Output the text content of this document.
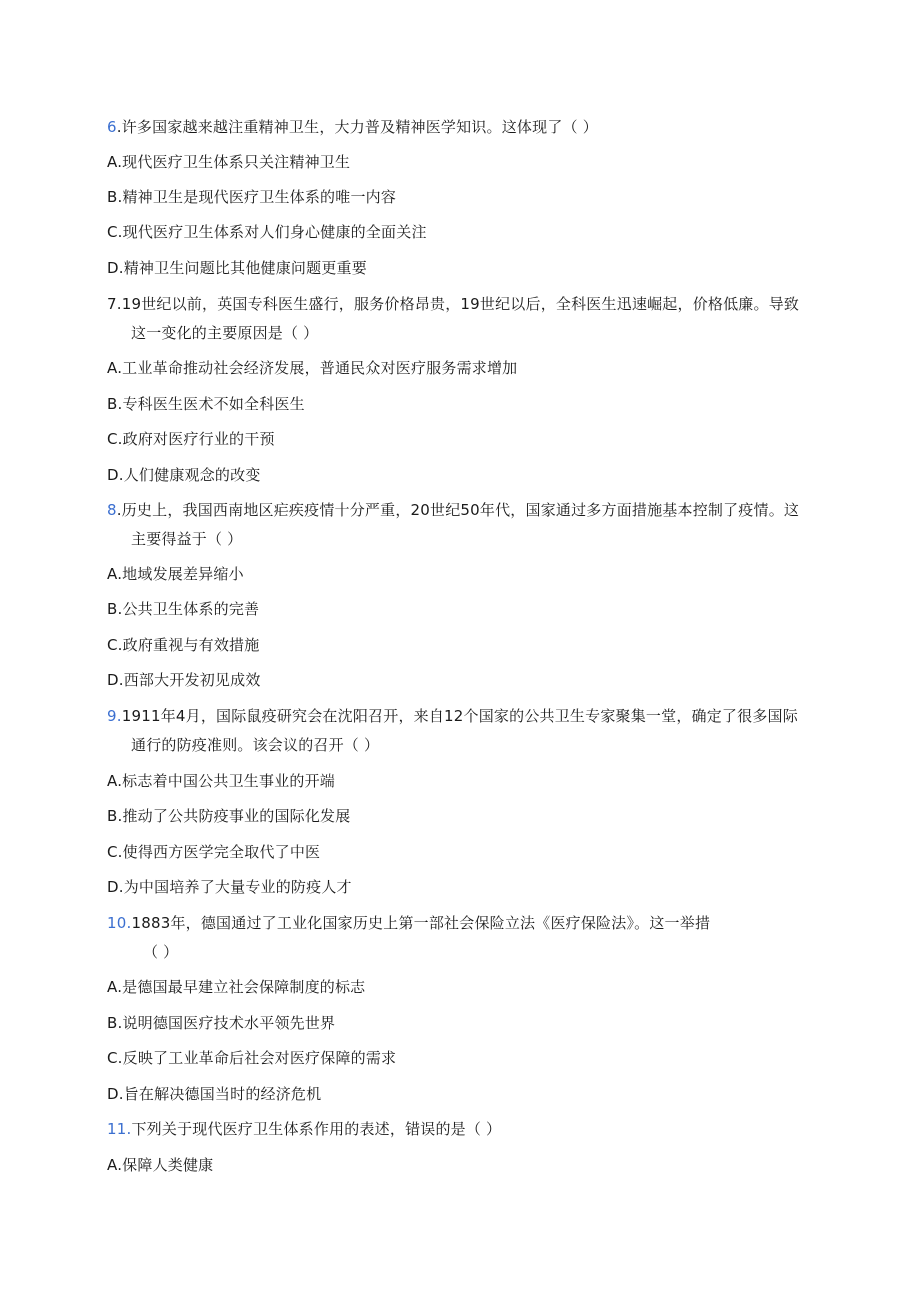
6.许多国家越来越注重精神卫生，大力普及精神医学知识。这体现了（ ）
A.现代医疗卫生体系只关注精神卫生
B.精神卫生是现代医疗卫生体系的唯一内容
C.现代医疗卫生体系对人们身心健康的全面关注
D.精神卫生问题比其他健康问题更重要
7.19世纪以前，英国专科医生盛行，服务价格昂贵，19世纪以后，全科医生迅速崛起，价格低廉。导致
这一变化的主要原因是（ ）
A.工业革命推动社会经济发展，普通民众对医疗服务需求增加
B.专科医生医术不如全科医生
C.政府对医疗行业的干预
D.人们健康观念的改变
8.历史上，我国西南地区疟疾疫情十分严重，20世纪50年代，国家通过多方面措施基本控制了疫情。这
主要得益于（ ）
A.地域发展差异缩小
B.公共卫生体系的完善
C.政府重视与有效措施
D.西部大开发初见成效
9.1911年4月，国际鼠疫研究会在沈阳召开，来自12个国家的公共卫生专家聚集一堂，确定了很多国际
通行的防疫准则。该会议的召开（ ）
A.标志着中国公共卫生事业的开端
B.推动了公共防疫事业的国际化发展
C.使得西方医学完全取代了中医
D.为中国培养了大量专业的防疫人才
10.1883年，德国通过了工业化国家历史上第一部社会保险立法《医疗保险法》。这一举措
（ ）
A.是德国最早建立社会保障制度的标志
B.说明德国医疗技术水平领先世界
C.反映了工业革命后社会对医疗保障的需求
D.旨在解决德国当时的经济危机
11.下列关于现代医疗卫生体系作用的表述，错误的是（ ）
A.保障人类健康
